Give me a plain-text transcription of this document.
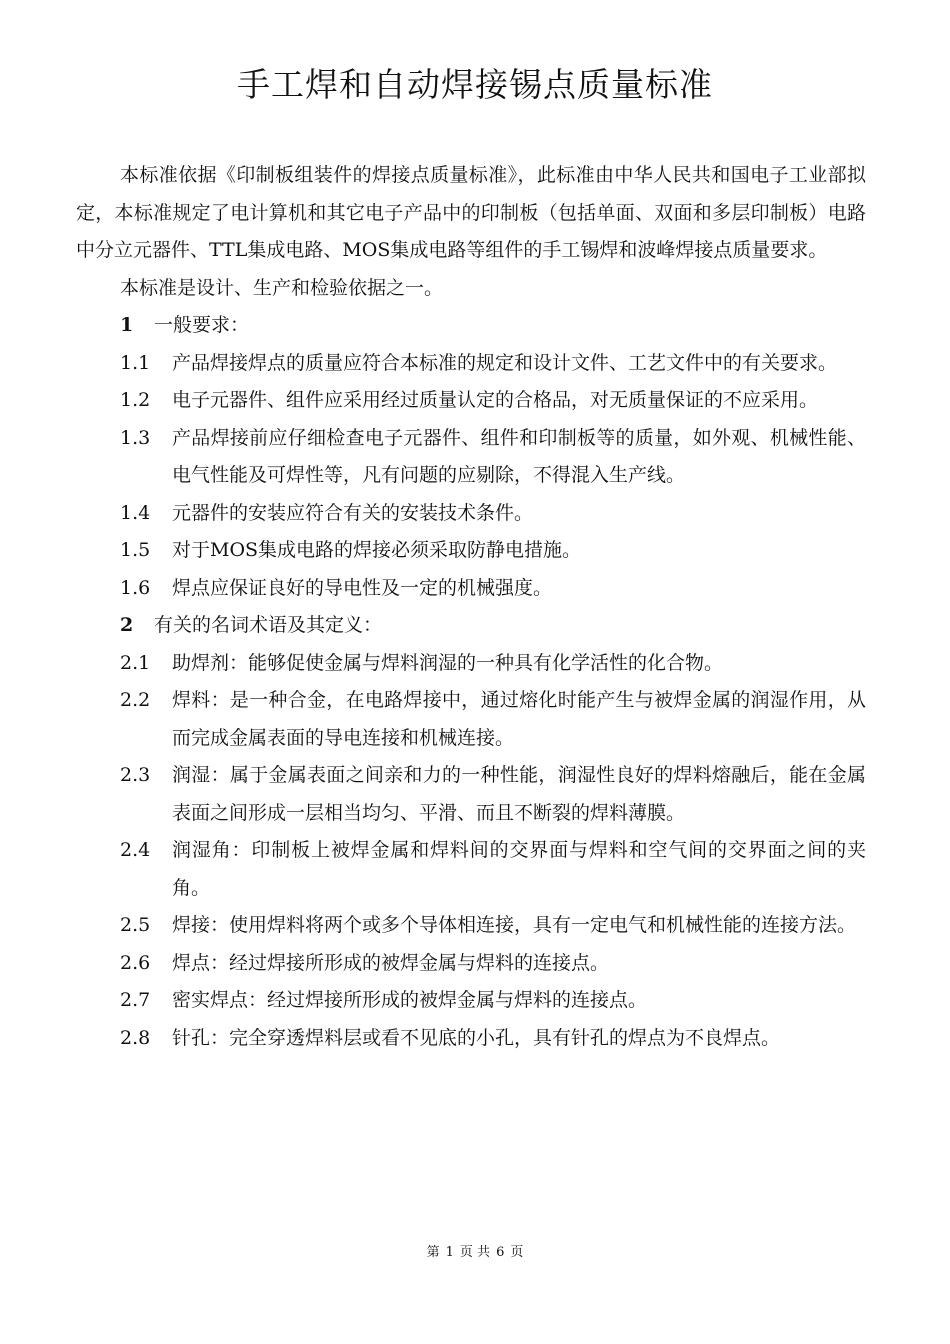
手工焊和自动焊接锡点质量标准

本标准依据《印制板组装件的焊接点质量标准》，此标准由中华人民共和国电子工业部拟定，本标准规定了电计算机和其它电子产品中的印制板（包括单面、双面和多层印制板）电路中分立元器件、TTL集成电路、MOS集成电路等组件的手工锡焊和波峰焊接点质量要求。

本标准是设计、生产和检验依据之一。

1 一般要求：

1.1	产品焊接焊点的质量应符合本标准的规定和设计文件、工艺文件中的有关要求。

1.2	电子元器件、组件应采用经过质量认定的合格品，对无质量保证的不应采用。

1.3	产品焊接前应仔细检查电子元器件、组件和印制板等的质量，如外观、机械性能、电气性能及可焊性等，凡有问题的应剔除，不得混入生产线。

1.4	元器件的安装应符合有关的安装技术条件。

1.5	对于MOS集成电路的焊接必须采取防静电措施。

1.6	焊点应保证良好的导电性及一定的机械强度。

2 有关的名词术语及其定义：

2.1	助焊剂：能够促使金属与焊料润湿的一种具有化学活性的化合物。

2.2	焊料：是一种合金，在电路焊接中，通过熔化时能产生与被焊金属的润湿作用，从而完成金属表面的导电连接和机械连接。

2.3	润湿：属于金属表面之间亲和力的一种性能，润湿性良好的焊料熔融后，能在金属表面之间形成一层相当均匀、平滑、而且不断裂的焊料薄膜。

2.4	润湿角：印制板上被焊金属和焊料间的交界面与焊料和空气间的交界面之间的夹角。

2.5	焊接：使用焊料将两个或多个导体相连接，具有一定电气和机械性能的连接方法。

2.6	焊点：经过焊接所形成的被焊金属与焊料的连接点。

2.7	密实焊点：经过焊接所形成的被焊金属与焊料的连接点。

2.8	针孔：完全穿透焊料层或看不见底的小孔，具有针孔的焊点为不良焊点。

第 1 页 共 6 页
